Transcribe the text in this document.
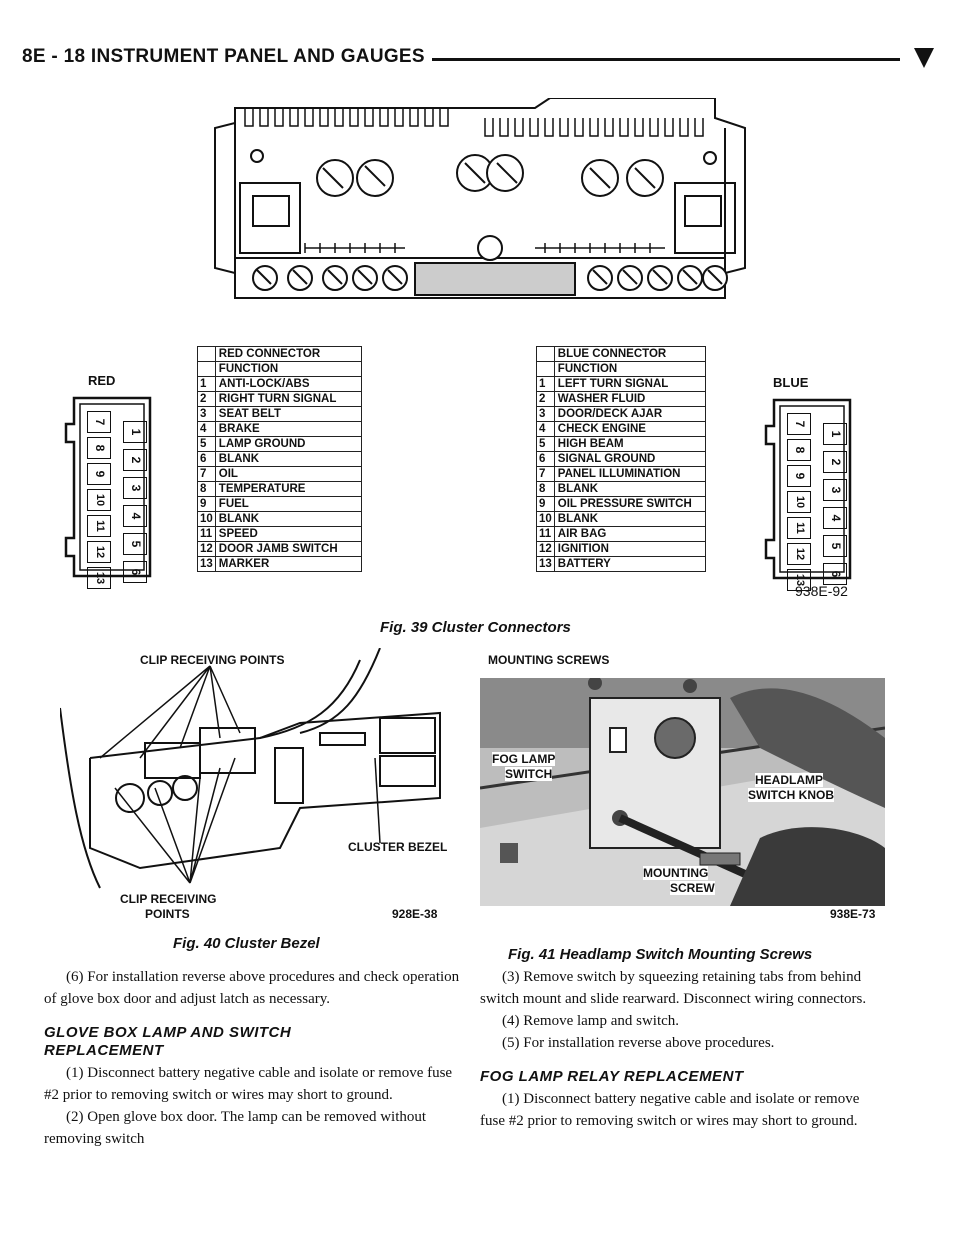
8E - 18 INSTRUMENT PANEL AND GAUGES
RED
7
8
9
10
11
12
13
1
2
3
4
5
6
	RED CONNECTOR
	FUNCTION
1	ANTI-LOCK/ABS
2	RIGHT TURN SIGNAL
3	SEAT BELT
4	BRAKE
5	LAMP GROUND
6	BLANK
7	OIL
8	TEMPERATURE
9	FUEL
10	BLANK
11	SPEED
12	DOOR JAMB SWITCH
13	MARKER
	BLUE CONNECTOR
	FUNCTION
1	LEFT TURN SIGNAL
2	WASHER FLUID
3	DOOR/DECK AJAR
4	CHECK ENGINE
5	HIGH BEAM
6	SIGNAL GROUND
7	PANEL ILLUMINATION
8	BLANK
9	OIL PRESSURE SWITCH
10	BLANK
11	AIR BAG
12	IGNITION
13	BATTERY
BLUE
7
8
9
10
11
12
13
1
2
3
4
5
6
938E-92
Fig. 39 Cluster Connectors
CLIP RECEIVING POINTS
CLUSTER BEZEL
CLIP RECEIVING
POINTS	928E-38
Fig. 40 Cluster Bezel
MOUNTING SCREWS
FOG LAMP
SWITCH	HEADLAMP
SWITCH KNOB
MOUNTING
SCREW
938E-73
Fig. 41 Headlamp Switch Mounting Screws

(6) For installation reverse above procedures and check operation of glove box door and adjust latch as necessary.

GLOVE BOX LAMP AND SWITCH
REPLACEMENT

(1) Disconnect battery negative cable and isolate or remove fuse #2 prior to removing switch or wires may short to ground.

(2) Open glove box door. The lamp can be removed without removing switch

(3) Remove switch by squeezing retaining tabs from behind switch mount and slide rearward. Disconnect wiring connectors.

(4) Remove lamp and switch.

(5) For installation reverse above procedures.

FOG LAMP RELAY REPLACEMENT

(1) Disconnect battery negative cable and isolate or remove fuse #2 prior to removing switch or wires may short to ground.
